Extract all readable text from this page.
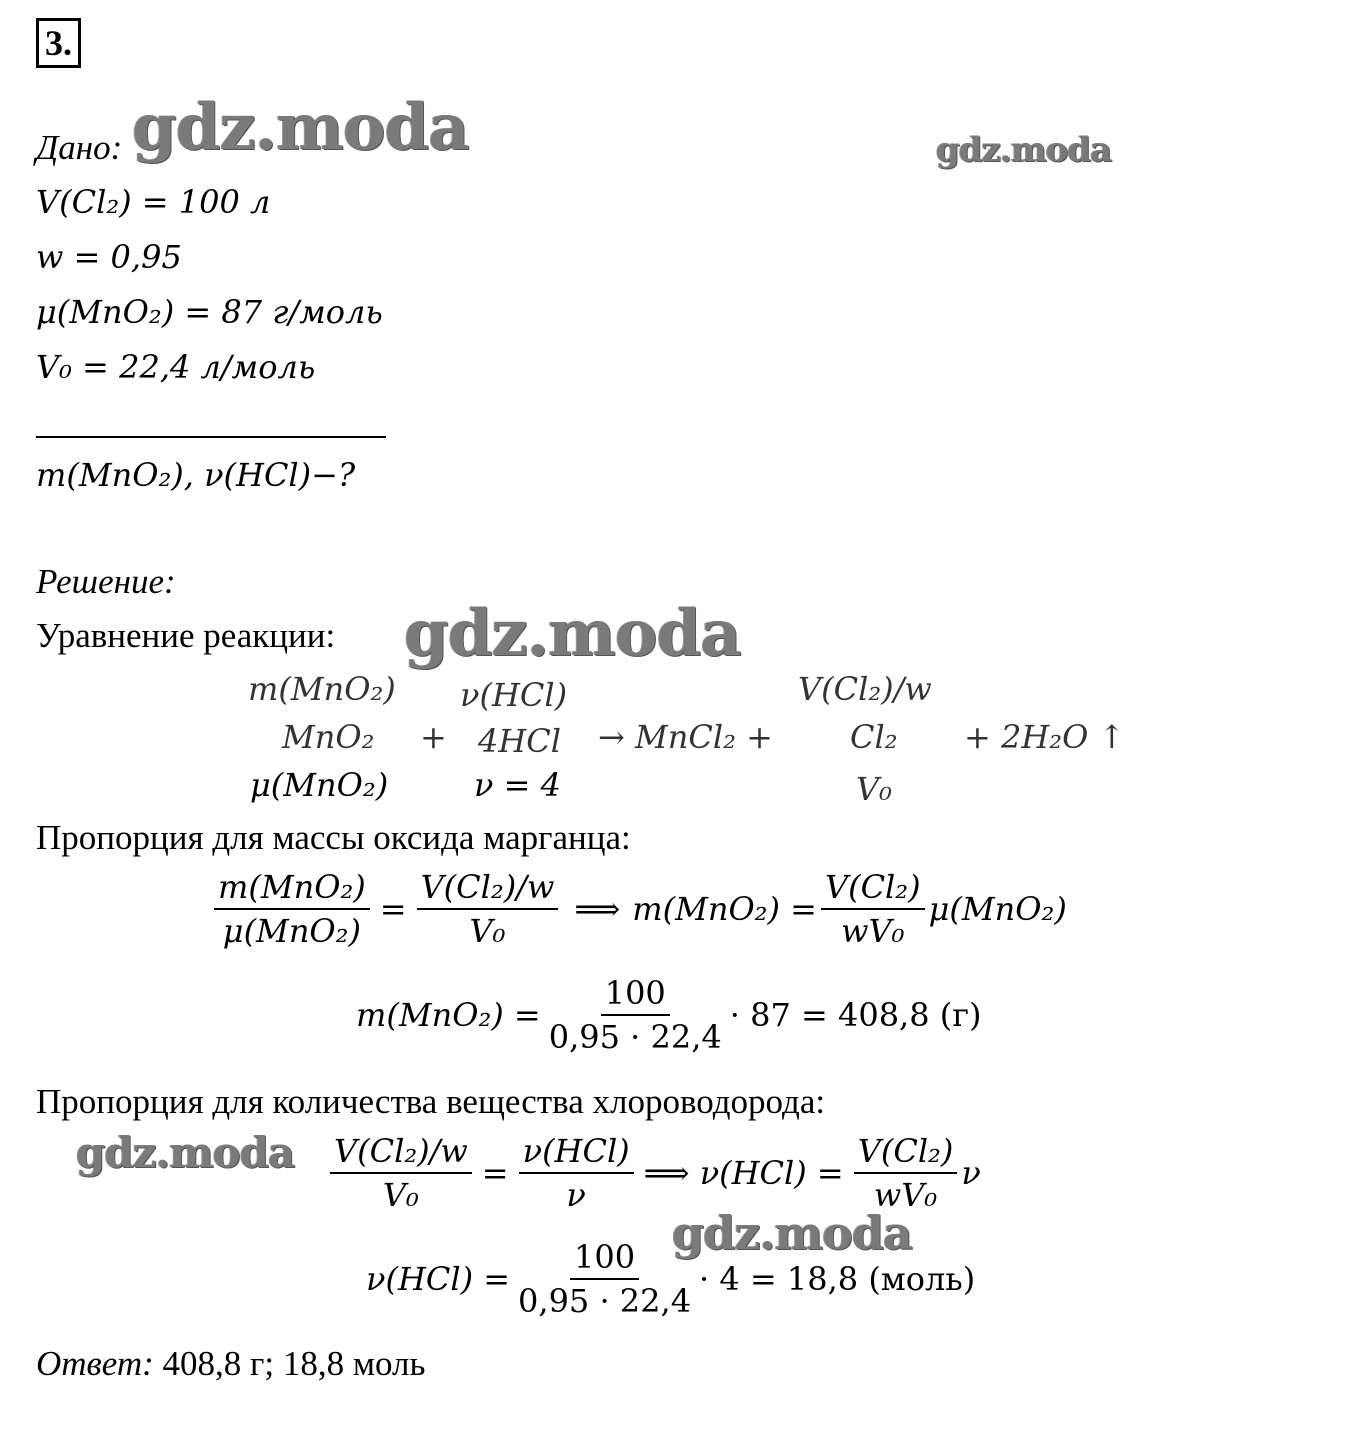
3.
Дано:
V(Cl₂) = 100 л
w = 0,95
μ(MnO₂) = 87 г/моль
V₀ = 22,4 л/моль
m(MnO₂), ν(HCl)−?
Решение:
Уравнение реакции:
m(MnO₂) ν(HCl)	V(Cl₂)/w
MnO₂ + 4HCl → MnCl₂ + Cl₂ + 2H₂O ↑
μ(MnO₂)	ν = 4	V₀
Пропорция для массы оксида марганца:
$\frac{\text{m(MnO₂)}}{\text{μ(MnO₂)}} = \frac{\text{V(Cl₂)/w}}{\text{V₀}}$ ⟹ $m(MnO_2) = \frac{\text{V(Cl₂)}}{\text{wV₀}} \mu(MnO_2)$
$m(MnO_2) = \frac{100}{0,95 \cdot 22,4} \cdot 87 = 408,8$ (г)
Пропорция для количества вещества хлороводорода:
$\frac{\text{V(Cl₂)/w}}{\text{V₀}} = \frac{\text{ν(HCl)}}{\nu}$ ⟹ $\nu(HCl) = \frac{\text{V(Cl₂)}}{\text{wV₀}}$ ν
$\nu(HCl) = \frac{100}{0,95 \cdot 22,4} \cdot 4 = 18,8$ (моль)
Ответ: 408,8 г; 18,8 моль
gdz.moda	gdz.moda
gdz.moda
gdz.moda
gdz.moda
